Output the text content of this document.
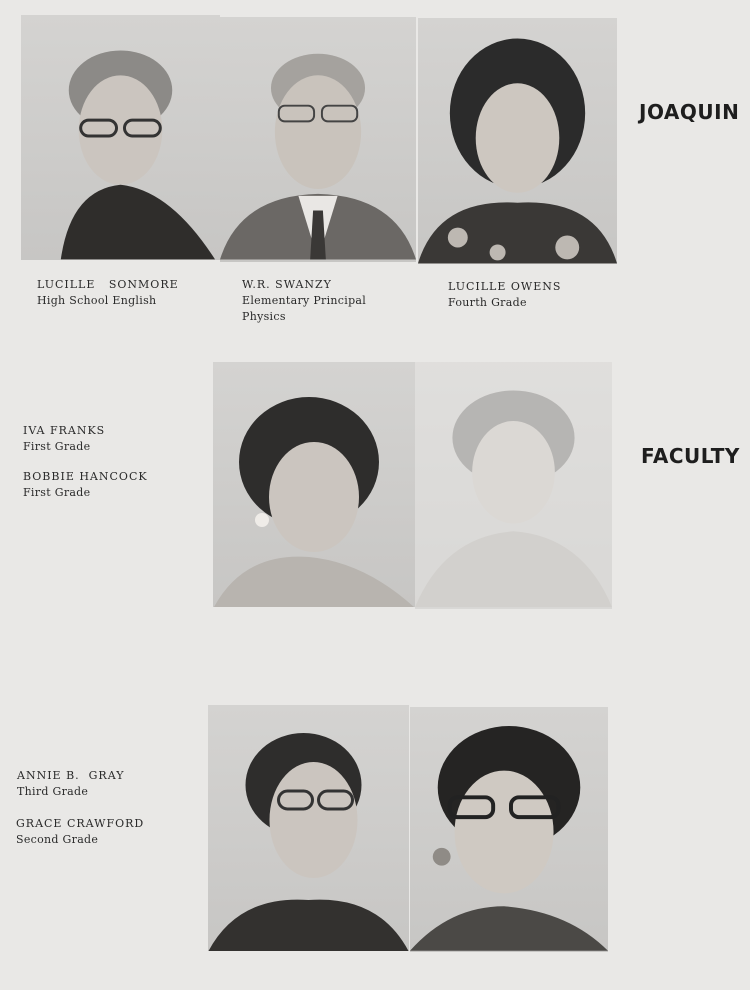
LUCILLE   SONMORE
High School English
W.R. SWANZY
Elementary Principal
Physics
LUCILLE OWENS
Fourth Grade
JOAQUIN
FACULTY
IVA FRANKS
First Grade
BOBBIE HANCOCK
First Grade
ANNIE B.  GRAY
Third Grade
GRACE CRAWFORD
Second Grade
